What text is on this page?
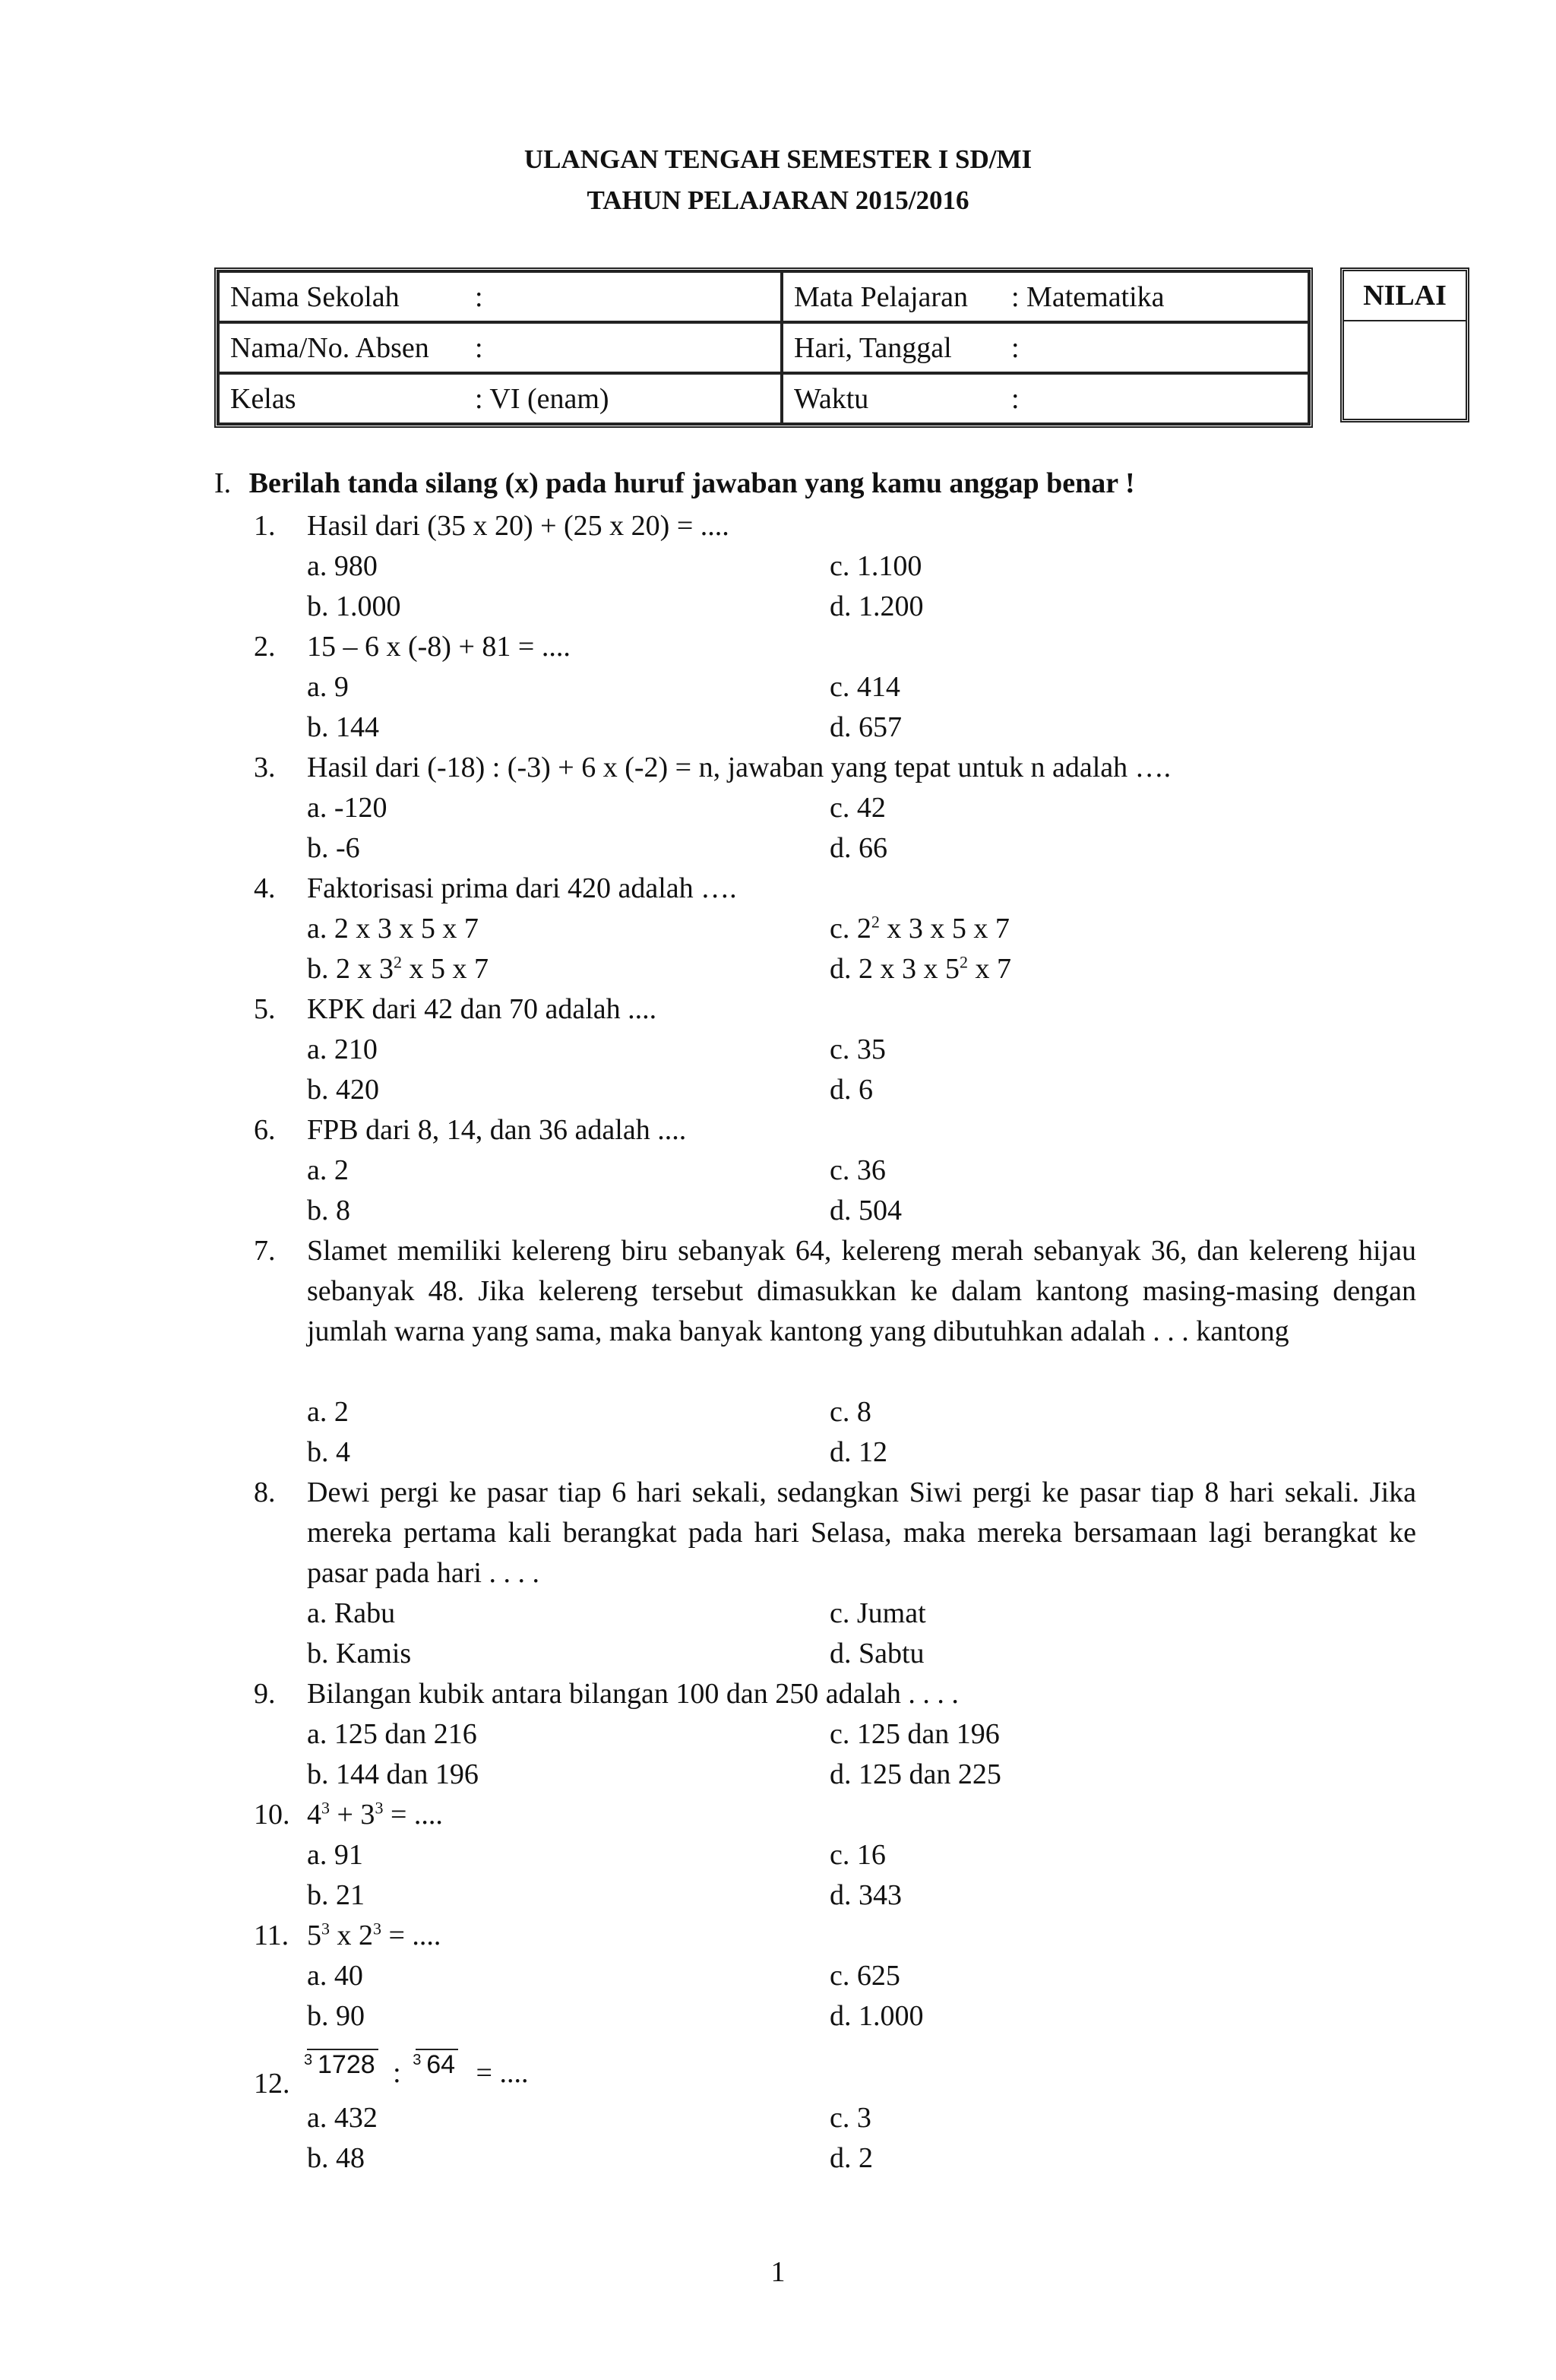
ULANGAN TENGAH SEMESTER I SD/MI
TAHUN PELAJARAN 2015/2016
Nama Sekolah :	Mata Pelajaran : Matematika
Nama/No. Absen :	Hari, Tanggal :
Kelas : VI (enam)	Waktu :
NILAI
I. Berilah tanda silang (x) pada huruf jawaban yang kamu anggap benar !
1. Hasil dari (35 x 20) + (25 x 20) = ....
a. 980	c. 1.100
b. 1.000	d. 1.200
2. 15 – 6 x (-8) + 81 = ....
a. 9	c. 414
b. 144	d. 657
3. Hasil dari (-18) : (-3) + 6 x (-2) = n, jawaban yang tepat untuk n adalah ….
a. -120	c. 42
b. -6	d. 66
4. Faktorisasi prima dari 420 adalah ….
a. 2 x 3 x 5 x 7	c. $2^2$ x 3 x 5 x 7
b. 2 x $3^2$ x 5 x 7	d. 2 x 3 x $5^2$ x 7
5. KPK dari 42 dan 70 adalah ....
a. 210	c. 35
b. 420	d. 6
6. FPB dari 8, 14, dan 36 adalah ....
a. 2	c. 36
b. 8	d. 504
7. Slamet memiliki kelereng biru sebanyak 64, kelereng merah sebanyak 36, dan kelereng hijau sebanyak 48. Jika kelereng tersebut dimasukkan ke dalam kantong masing-masing dengan jumlah warna yang sama, maka banyak kantong yang dibutuhkan adalah . . . kantong
a. 2	c. 8
b. 4	d. 12
8. Dewi pergi ke pasar tiap 6 hari sekali, sedangkan Siwi pergi ke pasar tiap 8 hari sekali. Jika mereka pertama kali berangkat pada hari Selasa, maka mereka bersamaan lagi berangkat ke pasar pada hari . . . .
a. Rabu	c. Jumat
b. Kamis	d. Sabtu
9. Bilangan kubik antara bilangan 100 dan 250 adalah . . . .
a. 125 dan 216	c. 125 dan 196
b. 144 dan 196	d. 125 dan 225
10. $4^3 + 3^3$ = ....
a. 91	c. 16
b. 21	d. 343
11. $5^3$ x $2^3$ = ....
a. 40	c. 625
b. 90	d. 1.000
12.
3 1728 : 3 64 = ....
a. 432	c. 3
b. 48	d. 2
1
